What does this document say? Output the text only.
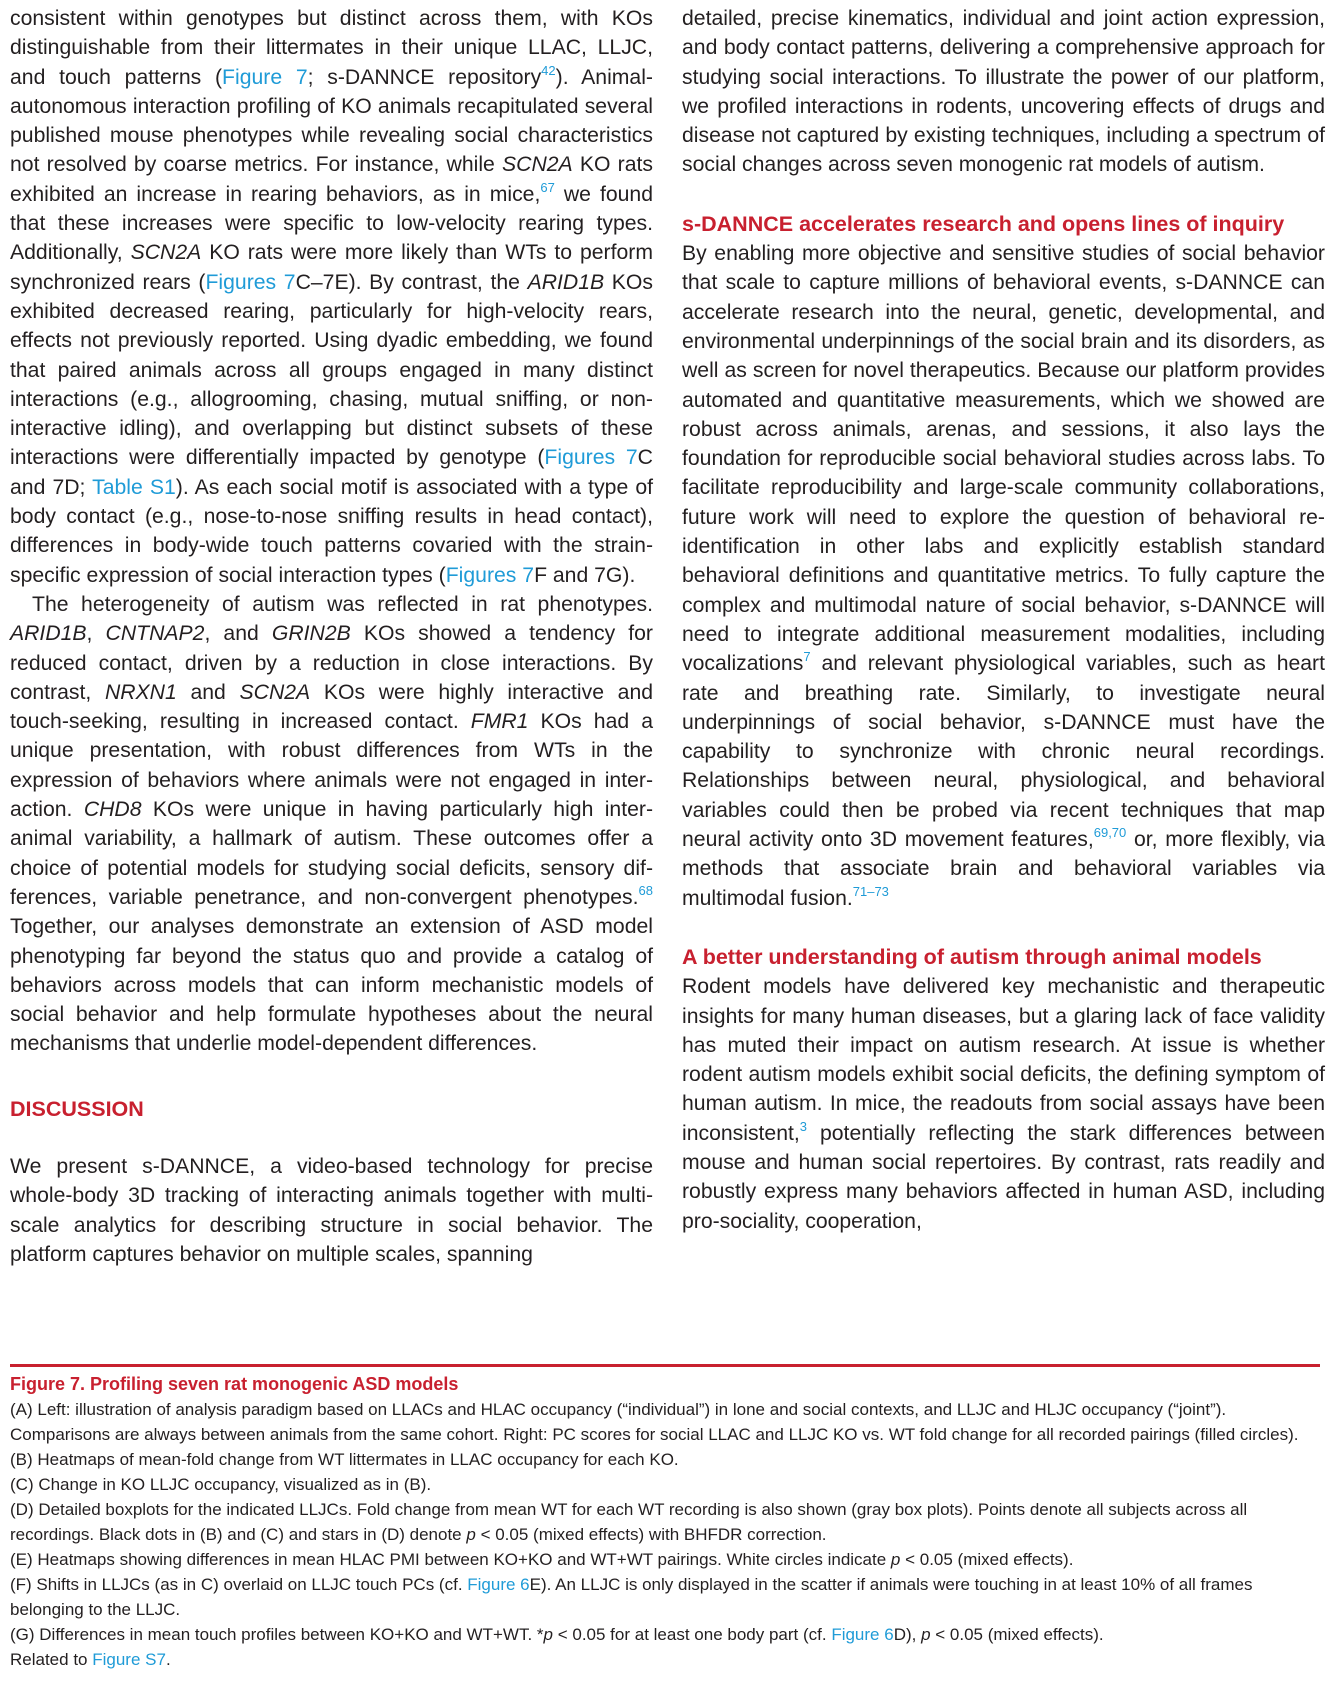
consistent within genotypes but distinct across them, with KOs distinguishable from their littermates in their unique LLAC, LLJC, and touch patterns (Figure 7; s-DANNCE repository$^{42}$). Animal-autonomous interaction profiling of KO animals recapitulated several published mouse phenotypes while revealing social characteristics not resolved by coarse metrics. For instance, while SCN2A KO rats exhibited an increase in rearing behaviors, as in mice,$^{67}$ we found that these increases were specific to low-velocity rearing types. Additionally, SCN2A KO rats were more likely than WTs to perform synchronized rears (Figures 7C–7E). By contrast, the ARID1B KOs exhibited decreased rearing, particularly for high-velocity rears, effects not previously reported. Using dyadic embedding, we found that paired animals across all groups engaged in many distinct interactions (e.g., allogrooming, chasing, mutual sniffing, or non-interactive idling), and overlapping but distinct subsets of these interactions were differentially impacted by genotype (Figures 7C and 7D; Table S1). As each social motif is associated with a type of body contact (e.g., nose-to-nose sniffing results in head contact), differences in body-wide touch patterns covaried with the strain-specific expression of social interaction types (Figures 7F and 7G).

The heterogeneity of autism was reflected in rat phenotypes. ARID1B, CNTNAP2, and GRIN2B KOs showed a tendency for reduced contact, driven by a reduction in close interactions. By contrast, NRXN1 and SCN2A KOs were highly interactive and touch-seeking, resulting in increased contact. FMR1 KOs had a unique presentation, with robust differences from WTs in the expression of behaviors where animals were not engaged in interaction. CHD8 KOs were unique in having particularly high inter-animal variability, a hallmark of autism. These outcomes offer a choice of potential models for studying social deficits, sensory differences, variable penetrance, and non-convergent phenotypes.$^{68}$ Together, our analyses demonstrate an extension of ASD model phenotyping far beyond the status quo and provide a catalog of behaviors across models that can inform mechanistic models of social behavior and help formulate hypotheses about the neural mechanisms that underlie model-dependent differences.

DISCUSSION

We present s-DANNCE, a video-based technology for precise whole-body 3D tracking of interacting animals together with multi-scale analytics for describing structure in social behavior. The platform captures behavior on multiple scales, spanning

detailed, precise kinematics, individual and joint action expression, and body contact patterns, delivering a comprehensive approach for studying social interactions. To illustrate the power of our platform, we profiled interactions in rodents, uncovering effects of drugs and disease not captured by existing techniques, including a spectrum of social changes across seven monogenic rat models of autism.

s-DANNCE accelerates research and opens lines of inquiry

By enabling more objective and sensitive studies of social behavior that scale to capture millions of behavioral events, s-DANNCE can accelerate research into the neural, genetic, developmental, and environmental underpinnings of the social brain and its disorders, as well as screen for novel therapeutics. Because our platform provides automated and quantitative measurements, which we showed are robust across animals, arenas, and sessions, it also lays the foundation for reproducible social behavioral studies across labs. To facilitate reproducibility and large-scale community collaborations, future work will need to explore the question of behavioral re-identification in other labs and explicitly establish standard behavioral definitions and quantitative metrics. To fully capture the complex and multimodal nature of social behavior, s-DANNCE will need to integrate additional measurement modalities, including vocalizations$^7$ and relevant physiological variables, such as heart rate and breathing rate. Similarly, to investigate neural underpinnings of social behavior, s-DANNCE must have the capability to synchronize with chronic neural recordings. Relationships between neural, physiological, and behavioral variables could then be probed via recent techniques that map neural activity onto 3D movement features,$^{69,70}$ or, more flexibly, via methods that associate brain and behavioral variables via multimodal fusion.$^{71-73}$

A better understanding of autism through animal models

Rodent models have delivered key mechanistic and therapeutic insights for many human diseases, but a glaring lack of face validity has muted their impact on autism research. At issue is whether rodent autism models exhibit social deficits, the defining symptom of human autism. In mice, the readouts from social assays have been inconsistent,$^3$ potentially reflecting the stark differences between mouse and human social repertoires. By contrast, rats readily and robustly express many behaviors affected in human ASD, including pro-sociality, cooperation,

Figure 7. Profiling seven rat monogenic ASD models

(A) Left: illustration of analysis paradigm based on LLACs and HLAC occupancy (“individual”) in lone and social contexts, and LLJC and HLJC occupancy (“joint”). Comparisons are always between animals from the same cohort. Right: PC scores for social LLAC and LLJC KO vs. WT fold change for all recorded pairings (filled circles).

(B) Heatmaps of mean-fold change from WT littermates in LLAC occupancy for each KO.

(C) Change in KO LLJC occupancy, visualized as in (B).

(D) Detailed boxplots for the indicated LLJCs. Fold change from mean WT for each WT recording is also shown (gray box plots). Points denote all subjects across all recordings. Black dots in (B) and (C) and stars in (D) denote p < 0.05 (mixed effects) with BHFDR correction.

(E) Heatmaps showing differences in mean HLAC PMI between KO+KO and WT+WT pairings. White circles indicate p < 0.05 (mixed effects).

(F) Shifts in LLJCs (as in C) overlaid on LLJC touch PCs (cf. Figure 6E). An LLJC is only displayed in the scatter if animals were touching in at least 10% of all frames belonging to the LLJC.

(G) Differences in mean touch profiles between KO+KO and WT+WT. *p < 0.05 for at least one body part (cf. Figure 6D), p < 0.05 (mixed effects).

Related to Figure S7.
